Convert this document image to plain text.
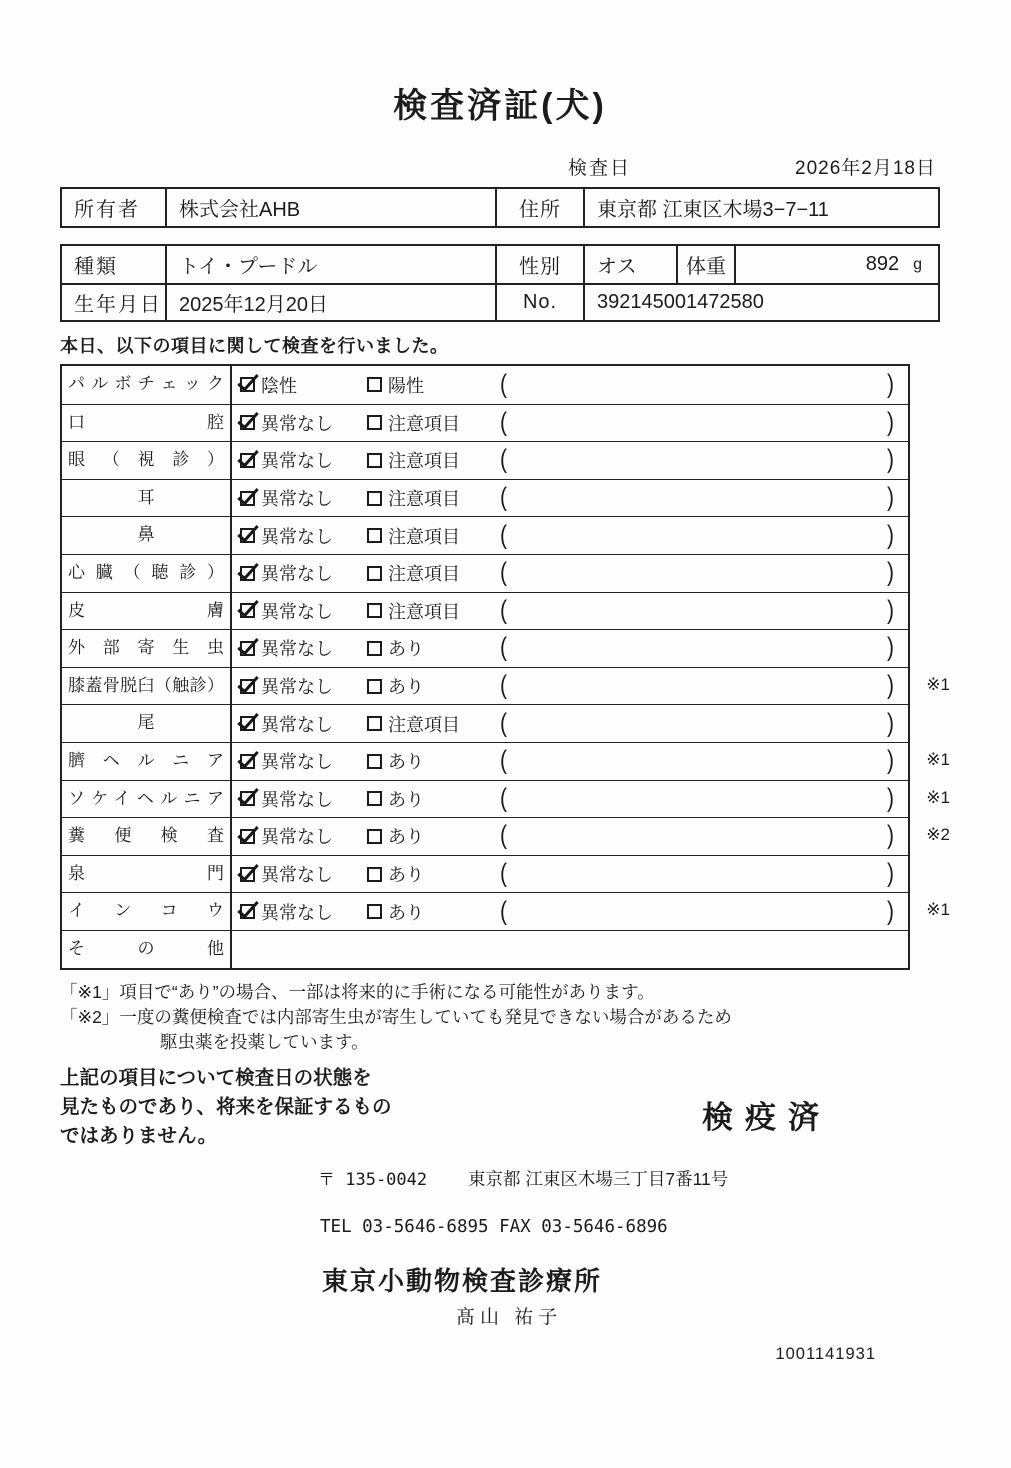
検査済証(犬)
検査日	2026年2月18日
所有者	株式会社AHB	住所	東京都 江東区木場3−7−11
種類	トイ・プードル	性別	オス	体重	892 g
生年月日 2025年12月20日	No.	392145001472580
本日、以下の項目に関して検査を行いました。
パルボチェック	陰性	陽性	(	)
口腔	異常なし	注意項目 (	)
眼（視診）	異常なし	注意項目 (	)
耳	異常なし	注意項目 (	)
鼻	異常なし	注意項目 (	)
心臓（聴診）	異常なし	注意項目 (	)
皮膚	異常なし	注意項目 (	)
外部寄生虫	異常なし	あり	(	)
膝蓋骨脱臼（触診）	異常なし	あり	(	) ※1
尾	異常なし	注意項目 (	)
臍ヘルニア	異常なし	あり	(	) ※1
ソケイヘルニア	異常なし	あり	(	) ※1
糞便検査	異常なし	あり	(	) ※2
泉門	異常なし	あり	(	)
インコウ	異常なし	あり	(	) ※1
その他
「※1」項目で“あり”の場合、一部は将来的に手術になる可能性があります。
「※2」一度の糞便検査では内部寄生虫が寄生していても発見できない場合があるため
駆虫薬を投薬しています。
上記の項目について検査日の状態を
見たものであり、将来を保証するもの
ではありません。
検疫済
〒 135-0042 東京都 江東区木場三丁目7番11号
TEL 03-5646-6895 FAX 03-5646-6896
東京小動物検査診療所
髙山 祐子
1001141931
